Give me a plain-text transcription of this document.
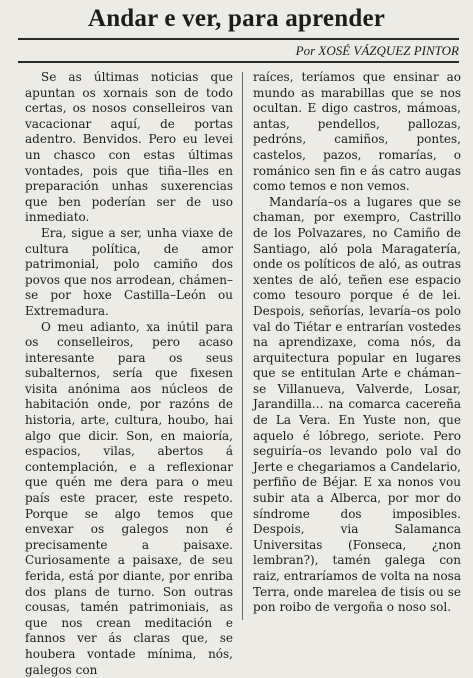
Andar e ver, para aprender
Por XOSÉ VÁZQUEZ PINTOR

Se as últimas noticias que apuntan os xornais son de todo certas, os nosos conselleiros van vacacionar aquí, de portas adentro. Benvidos. Pero eu levei un chasco con estas últimas vontades, pois que tiña–lles en preparación unhas suxerencias que ben poderían ser de uso inmediato.

Era, sigue a ser, unha viaxe de cultura política, de amor patrimonial, polo camiño dos povos que nos arrodean, chámen–se por hoxe Castilla–León ou Extremadura.

O meu adianto, xa inútil para os conselleiros, pero acaso interesante para os seus subalternos, sería que fixesen visita anónima aos núcleos de habitación onde, por razóns de historia, arte, cultura, houbo, hai algo que dicir. Son, en maioría, espacios, vilas, abertos á contemplación, e a reflexionar que quén me dera para o meu país este pracer, este respeto. Porque se algo temos que envexar os galegos non é precisamente a paisaxe. Curiosamente a paisaxe, de seu ferida, está por diante, por enriba dos plans de turno. Son outras cousas, tamén patrimoniais, as que nos crean meditación e fannos ver ás claras que, se houbera vontade mínima, nós, galegos con

raíces, teríamos que ensinar ao mundo as marabillas que se nos ocultan. E digo castros, mámoas, antas, pendellos, pallozas, pedróns, camiños, pontes, castelos, pazos, romarías, o románico sen fin e ás catro augas como temos e non vemos.

Mandaría–os a lugares que se chaman, por exempro, Castrillo de los Polvazares, no Camiño de Santiago, aló pola Maragatería, onde os políticos de aló, as outras xentes de aló, teñen ese espacio como tesouro porque é de lei. Despois, señorías, levaría–os polo val do Tiétar e entrarían vostedes na aprendizaxe, coma nós, da arquitectura popular en lugares que se entitulan Arte e cháman–se Villanueva, Valverde, Losar, Jarandilla... na comarca cacereña de La Vera. En Yuste non, que aquelo é lóbrego, seriote. Pero seguiría–os levando polo val do Jerte e chegariamos a Candelario, perfiño de Béjar. E xa nonos vou subir ata a Alberca, por mor do síndrome dos imposibles. Despois, via Salamanca Universitas (Fonseca, ¿non lembran?), tamén galega con raiz, entraríamos de volta na nosa Terra, onde marelea de tisis ou se pon roibo de vergoña o noso sol.
